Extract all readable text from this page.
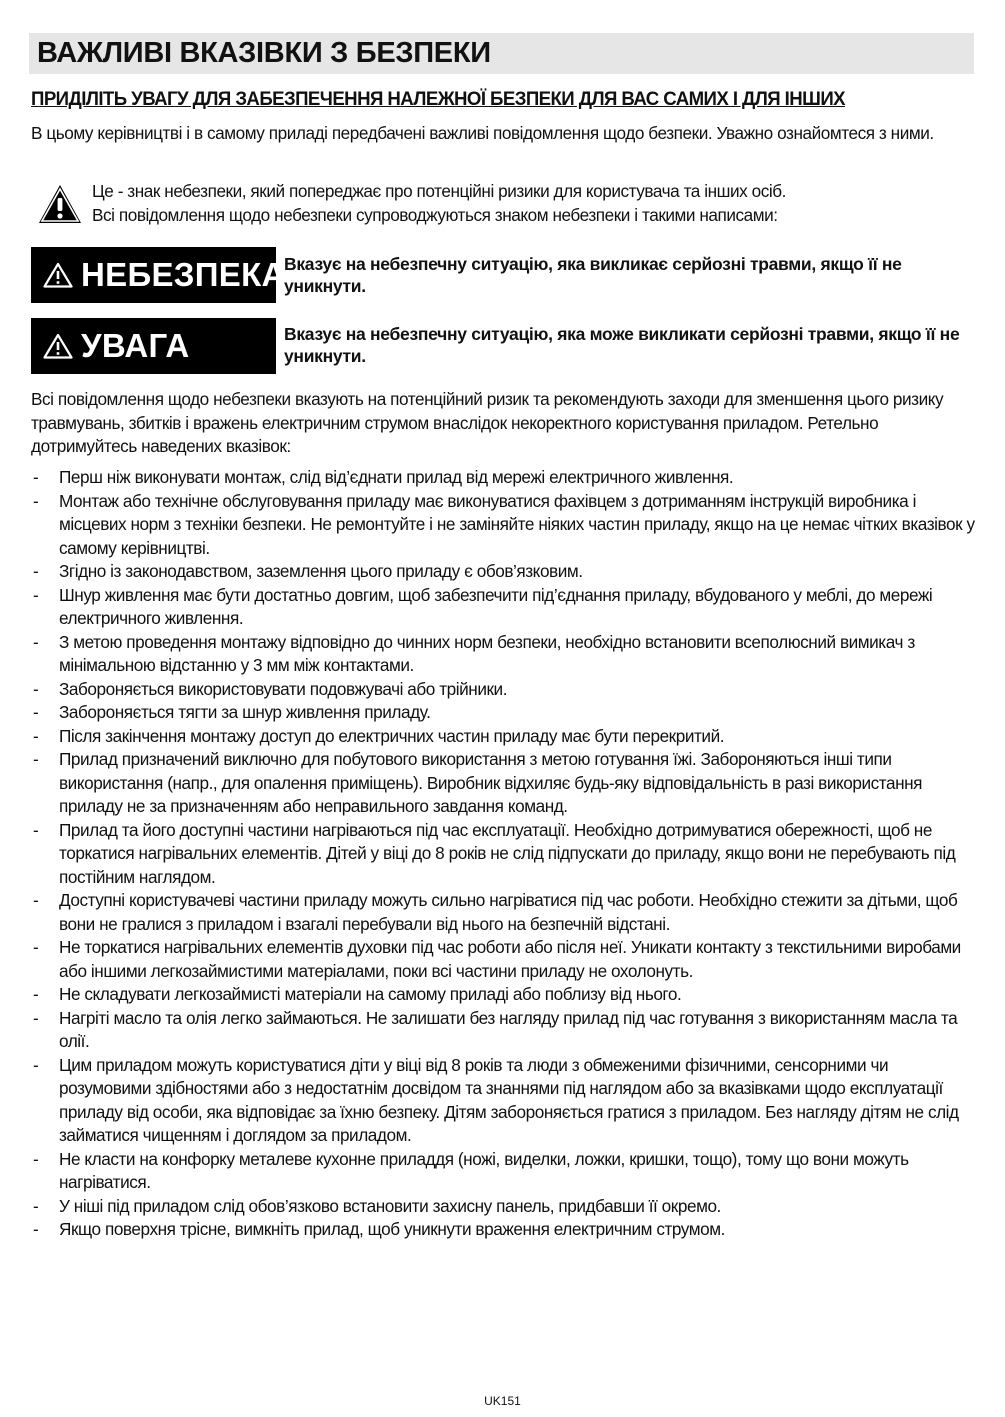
ВАЖЛИВІ ВКАЗІВКИ З БЕЗПЕКИ
ПРИДІЛІТЬ УВАГУ ДЛЯ ЗАБЕЗПЕЧЕННЯ НАЛЕЖНОЇ БЕЗПЕКИ ДЛЯ ВАС САМИХ І ДЛЯ ІНШИХ
В цьому керівництві і в самому приладі передбачені важливі повідомлення щодо безпеки. Уважно ознайомтеся з ними.
Це - знак небезпеки, який попереджає про потенційні ризики для користувача та інших осіб.
Всі повідомлення щодо небезпеки супроводжуються знаком небезпеки і такими написами:
НЕБЕЗПЕКА
Вказує на небезпечну ситуацію, яка викликає серйозні травми, якщо її не уникнути.
УВАГА	Вказує на небезпечну ситуацію, яка може викликати серйозні травми, якщо її не уникнути.
Всі повідомлення щодо небезпеки вказують на потенційний ризик та рекомендують заходи для зменшення цього ризику травмувань, збитків і вражень електричним струмом внаслідок некоректного користування приладом. Ретельно дотримуйтесь наведених вказівок:
- Перш ніж виконувати монтаж, слід від’єднати прилад від мережі електричного живлення.
- Монтаж або технічне обслуговування приладу має виконуватися фахівцем з дотриманням інструкцій виробника і місцевих норм з техніки безпеки. Не ремонтуйте і не заміняйте ніяких частин приладу, якщо на це немає чітких вказівок у самому керівництві.
- Згідно із законодавством, заземлення цього приладу є обов’язковим.
- Шнур живлення має бути достатньо довгим, щоб забезпечити під’єднання приладу, вбудованого у меблі, до мережі електричного живлення.
- З метою проведення монтажу відповідно до чинних норм безпеки, необхідно встановити всеполюсний вимикач з мінімальною відстанню у 3 мм між контактами.
- Забороняється використовувати подовжувачі або трійники.
- Забороняється тягти за шнур живлення приладу.
- Після закінчення монтажу доступ до електричних частин приладу має бути перекритий.
- Прилад призначений виключно для побутового використання з метою готування їжі. Забороняються інші типи використання (напр., для опалення приміщень). Виробник відхиляє будь-яку відповідальність в разі використання приладу не за призначенням або неправильного завдання команд.
- Прилад та його доступні частини нагріваються під час експлуатації. Необхідно дотримуватися обережності, щоб не торкатися нагрівальних елементів. Дітей у віці до 8 років не слід підпускати до приладу, якщо вони не перебувають під постійним наглядом.
- Доступні користувачеві частини приладу можуть сильно нагріватися під час роботи. Необхідно стежити за дітьми, щоб вони не гралися з приладом і взагалі перебували від нього на безпечній відстані.
- Не торкатися нагрівальних елементів духовки під час роботи або після неї. Уникати контакту з текстильними виробами або іншими легкозаймистими матеріалами, поки всі частини приладу не охолонуть.
- Не складувати легкозаймисті матеріали на самому приладі або поблизу від нього.
- Нагріті масло та олія легко займаються. Не залишати без нагляду прилад під час готування з використанням масла та олії.
- Цим приладом можуть користуватися діти у віці від 8 років та люди з обмеженими фізичними, сенсорними чи розумовими здібностями або з недостатнім досвідом та знаннями під наглядом або за вказівками щодо експлуатації приладу від особи, яка відповідає за їхню безпеку. Дітям забороняється гратися з приладом. Без нагляду дітям не слід займатися чищенням і доглядом за приладом.
- Не класти на конфорку металеве кухонне приладдя (ножі, виделки, ложки, кришки, тощо), тому що вони можуть нагріватися.
- У ніші під приладом слід обов’язково встановити захисну панель, придбавши її окремо.
- Якщо поверхня трісне, вимкніть прилад, щоб уникнути враження електричним струмом.
UK151
